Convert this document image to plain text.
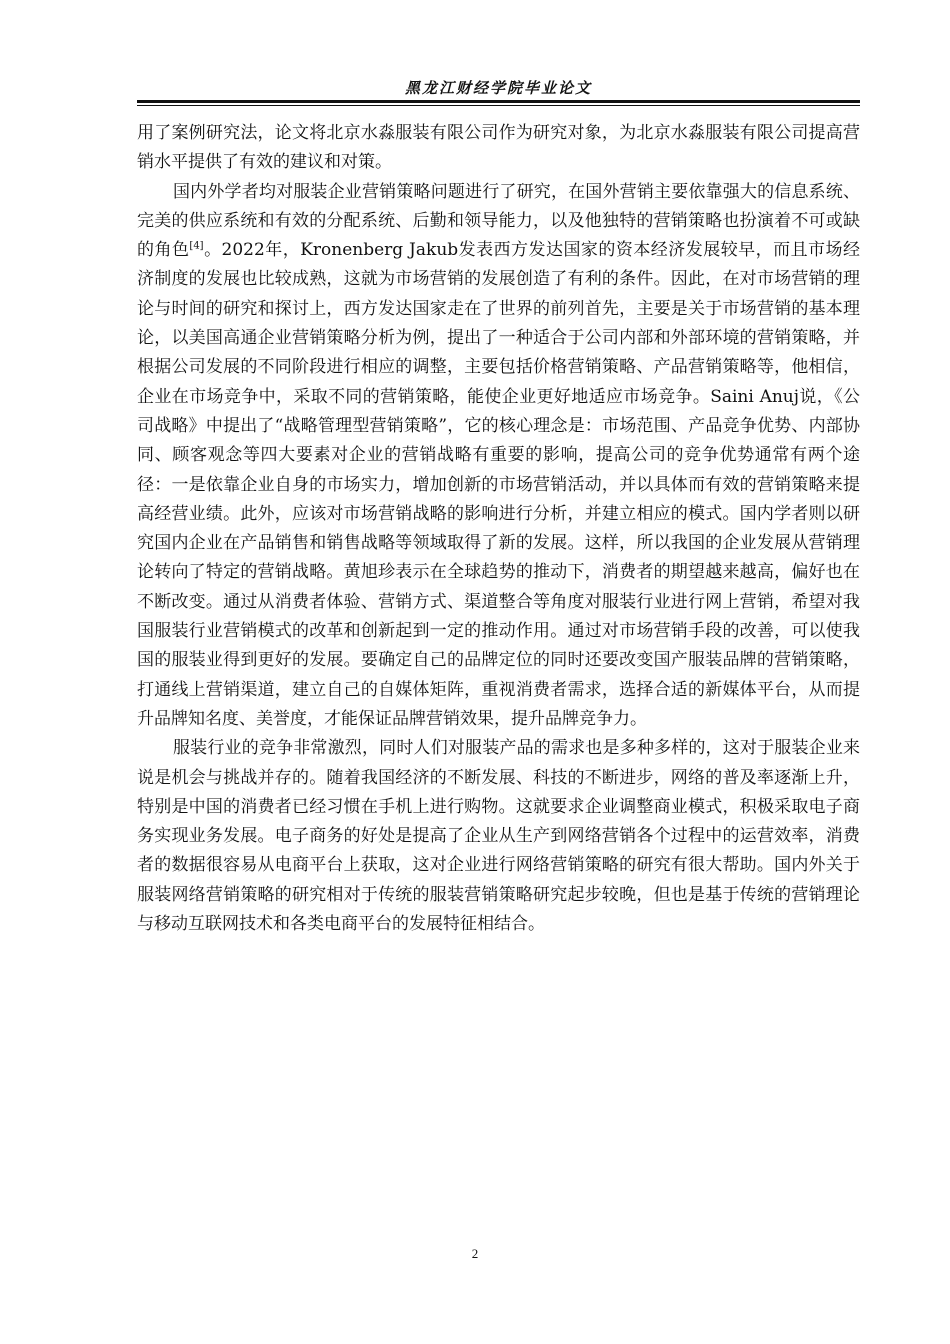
黑龙江财经学院毕业论文

用了案例研究法，论文将北京水淼服装有限公司作为研究对象，为北京水淼服装有限公司提高营销水平提供了有效的建议和对策。

国内外学者均对服装企业营销策略问题进行了研究，在国外营销主要依靠强大的信息系统、完美的供应系统和有效的分配系统、后勤和领导能力，以及他独特的营销策略也扮演着不可或缺的角色[4]。2022年，Kronenberg Jakub发表西方发达国家的资本经济发展较早，而且市场经济制度的发展也比较成熟，这就为市场营销的发展创造了有利的条件。因此，在对市场营销的理论与时间的研究和探讨上，西方发达国家走在了世界的前列首先，主要是关于市场营销的基本理论，以美国高通企业营销策略分析为例，提出了一种适合于公司内部和外部环境的营销策略，并根据公司发展的不同阶段进行相应的调整，主要包括价格营销策略、产品营销策略等，他相信，企业在市场竞争中，采取不同的营销策略，能使企业更好地适应市场竞争。Saini Anuj说，《公司战略》中提出了“战略管理型营销策略”，它的核心理念是：市场范围、产品竞争优势、内部协同、顾客观念等四大要素对企业的营销战略有重要的影响，提高公司的竞争优势通常有两个途径：一是依靠企业自身的市场实力，增加创新的市场营销活动，并以具体而有效的营销策略来提高经营业绩。此外，应该对市场营销战略的影响进行分析，并建立相应的模式。国内学者则以研究国内企业在产品销售和销售战略等领域取得了新的发展。这样，所以我国的企业发展从营销理论转向了特定的营销战略。黄旭珍表示在全球趋势的推动下，消费者的期望越来越高，偏好也在不断改变。通过从消费者体验、营销方式、渠道整合等角度对服装行业进行网上营销，希望对我国服装行业营销模式的改革和创新起到一定的推动作用。通过对市场营销手段的改善，可以使我国的服装业得到更好的发展。要确定自己的品牌定位的同时还要改变国产服装品牌的营销策略，打通线上营销渠道，建立自己的自媒体矩阵，重视消费者需求，选择合适的新媒体平台，从而提升品牌知名度、美誉度，才能保证品牌营销效果，提升品牌竞争力。

服装行业的竞争非常激烈，同时人们对服装产品的需求也是多种多样的，这对于服装企业来说是机会与挑战并存的。随着我国经济的不断发展、科技的不断进步，网络的普及率逐渐上升，特别是中国的消费者已经习惯在手机上进行购物。这就要求企业调整商业模式，积极采取电子商务实现业务发展。电子商务的好处是提高了企业从生产到网络营销各个过程中的运营效率，消费者的数据很容易从电商平台上获取，这对企业进行网络营销策略的研究有很大帮助。国内外关于服装网络营销策略的研究相对于传统的服装营销策略研究起步较晚，但也是基于传统的营销理论与移动互联网技术和各类电商平台的发展特征相结合。

2
